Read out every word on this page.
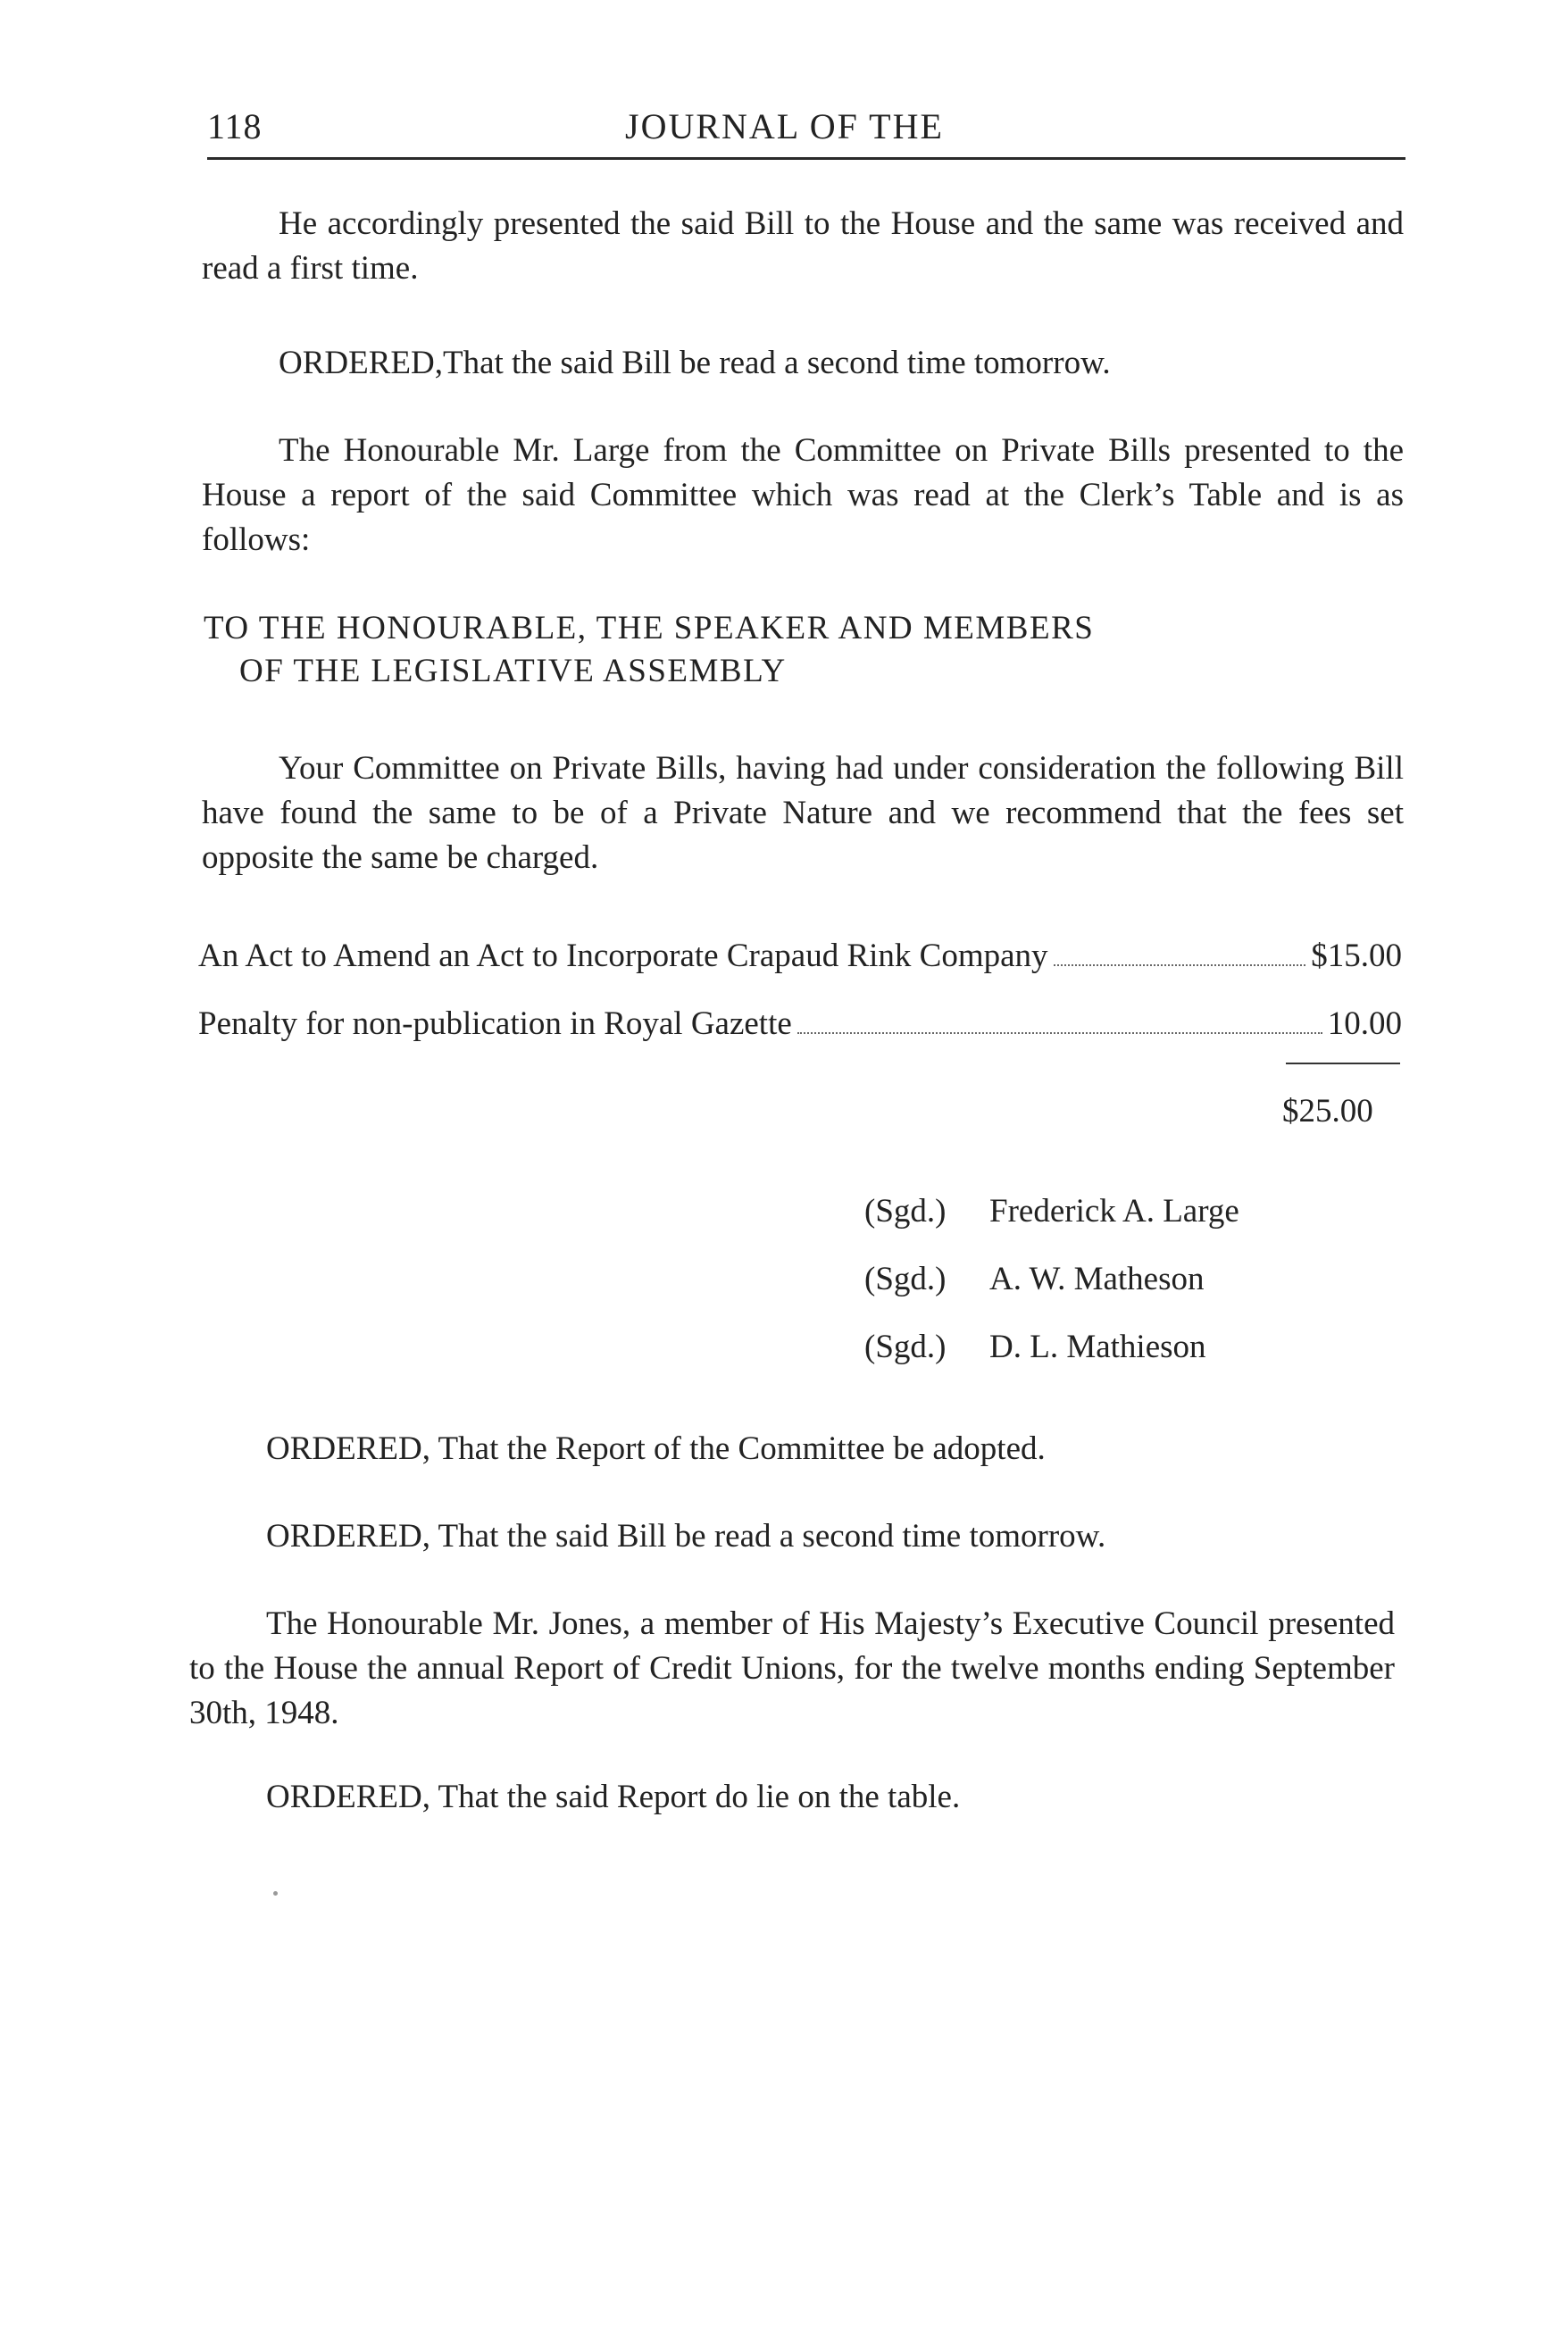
118	JOURNAL OF THE

He accordingly presented the said Bill to the House and the same was received and read a first time.

ORDERED,That the said Bill be read a second time tomorrow.

The Honourable Mr. Large from the Committee on Private Bills presented to the House a report of the said Committee which was read at the Clerk’s Table and is as follows:

TO THE HONOURABLE, THE SPEAKER AND MEMBERS
OF THE LEGISLATIVE ASSEMBLY

Your Committee on Private Bills, having had under consideration the following Bill have found the same to be of a Private Nature and we recommend that the fees set opposite the same be charged.

An Act to Amend an Act to Incorporate Crapaud Rink Company	$15.00
Penalty for non-publication in Royal Gazette	10.00
$25.00
(Sgd.) Frederick A. Large
(Sgd.) A. W. Matheson
(Sgd.) D. L. Mathieson

ORDERED, That the Report of the Committee be adopted.

ORDERED, That the said Bill be read a second time tomorrow.

The Honourable Mr. Jones, a member of His Majesty’s Executive Council presented to the House the annual Report of Credit Unions, for the twelve months ending September 30th, 1948.

ORDERED, That the said Report do lie on the table.
